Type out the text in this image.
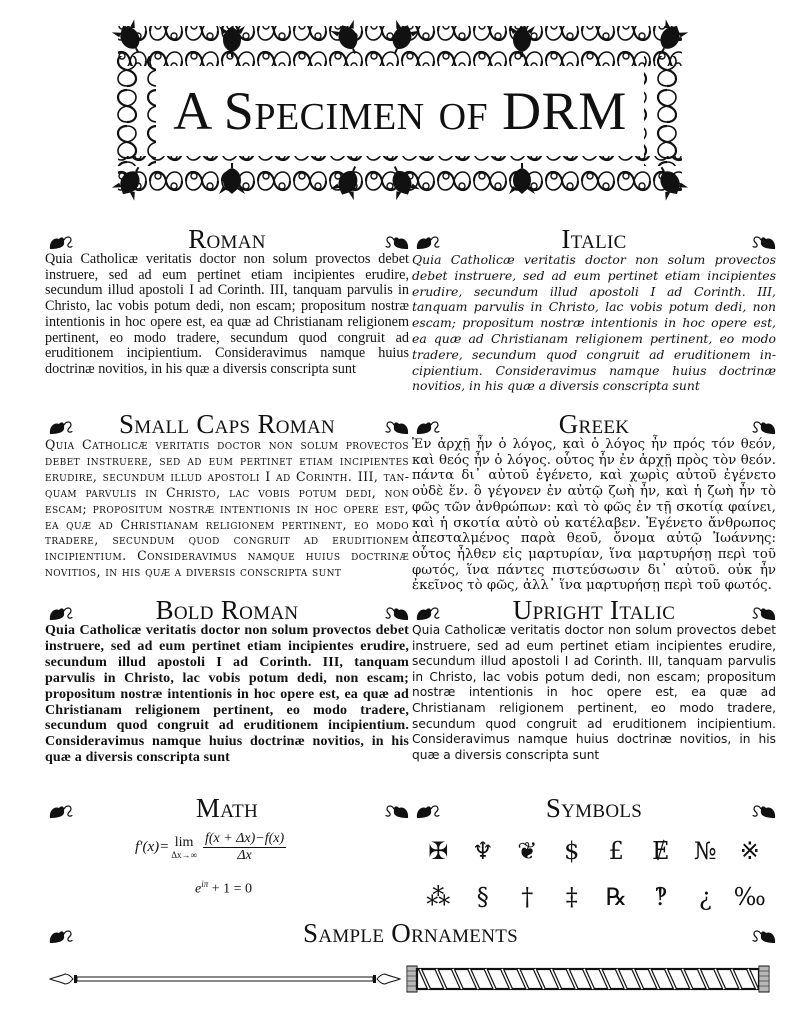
A Specimen of DRM
Roman

Quia Catholicæ veritatis doctor non solum provectos debet instruere, sed ad eum pertinet etiam incipientes erudire, secundum illud apostoli I ad Corinth. III, tanquam parvulis in Christo, lac vobis potum dedi, non escam; propositum nostræ intentionis in hoc opere est, ea quæ ad Christianam religionem pertinent, eo modo tradere, secundum quod congruit ad eruditionem incipientium. Consideravimus namque huius doctrinæ novitios, in his quæ a diversis conscripta sunt

Italic

Quia Catholicæ veritatis doctor non solum provectos debet instruere, sed ad eum pertinet etiam incipientes erudire, secundum illud apostoli I ad Corinth. III, tanquam parvulis in Christo, lac vobis potum dedi, non escam; propositum nostræ intentionis in hoc opere est, ea quæ ad Christianam religionem pertinent, eo modo tradere, secundum quod congruit ad eruditionem incipientium. Consideravimus namque huius doctrinæ novitios, in his quæ a diversis conscripta sunt

Small Caps Roman

Quia Catholicæ veritatis doctor non solum provectos debet instruere, sed ad eum pertinet etiam incipientes erudire, secundum illud apostoli I ad Corinth. III, tanquam parvulis in Christo, lac vobis potum dedi, non escam; propositum nostræ intentionis in hoc opere est, ea quæ ad Christianam religionem pertinent, eo modo tradere, secundum quod congruit ad eruditionem incipientium. Consideravimus namque huius doctrinæ novitios, in his quæ a diversis conscripta sunt

Greek

Ἐν ἀρχῇ ἦν ὁ λόγος, καὶ ὁ λόγος ἦν πρός τόν θεόν, καὶ θεός ἦν ὁ λόγος. οὗτος ἦν ἐν ἀρχῇ πρὸς τὸν θεόν. πάντα δι᾽ αὐτοῦ ἐγένετο, καὶ χωρὶς αὐτοῦ ἐγένετο οὐδὲ ἕν. ὃ γέγονεν ἐν αὐτῷ ζωὴ ἦν, καὶ ἡ ζωὴ ἦν τὸ φῶς τῶν ἀνθρώπων: καὶ τὸ φῶς ἐν τῇ σκοτίᾳ φαίνει, καὶ ἡ σκοτία αὐτὸ οὐ κατέλαβεν. Ἐγένετο ἄνθρωπος ἀπεσταλμένος παρὰ θεοῦ, ὄνομα αὐτῷ Ἰωάννης: οὗτος ἦλθεν εἰς μαρτυρίαν, ἵνα μαρτυρήσῃ περὶ τοῦ φωτός, ἵνα πάντες πιστεύσωσιν δι᾽ αὐτοῦ. οὐκ ἦν ἐκεῖνος τὸ φῶς, ἀλλ᾽ ἵνα μαρτυρήσῃ περὶ τοῦ φωτός.

Bold Roman

Quia Catholicæ veritatis doctor non solum provectos debet instruere, sed ad eum pertinet etiam incipientes erudire, secundum illud apostoli I ad Corinth. III, tanquam parvulis in Christo, lac vobis potum dedi, non escam; propositum nostræ intentionis in hoc opere est, ea quæ ad Christianam religionem pertinent, eo modo tradere, secundum quod congruit ad eruditionem incipientium. Consideravimus namque huius doctrinæ novitios, in his quæ a diversis conscripta sunt

Upright Italic

Quia Catholicæ veritatis doctor non solum provectos debet instruere, sed ad eum pertinet etiam incipientes erudire, secundum illud apostoli I ad Corinth. III, tanquam parvulis in Christo, lac vobis potum dedi, non escam; propositum nostræ intentionis in hoc opere est, ea quæ ad Christianam religionem pertinent, eo modo tradere, secundum quod congruit ad eruditionem incipientium. Consideravimus namque huius doctrinæ novitios, in his quæ a diversis conscripta sunt

Math
f′(x)= lim
$\Delta x\to\infty \frac{f(x + \Delta x)-f(x)}{\Delta x}$
$e^{i\pi} + 1 = 0$
Symbols
✠ ♆ ❦	$	£	Ɇ	№ ※
⁂	§	†	‡	℞	‽	¿ ‰
Sample Ornaments
